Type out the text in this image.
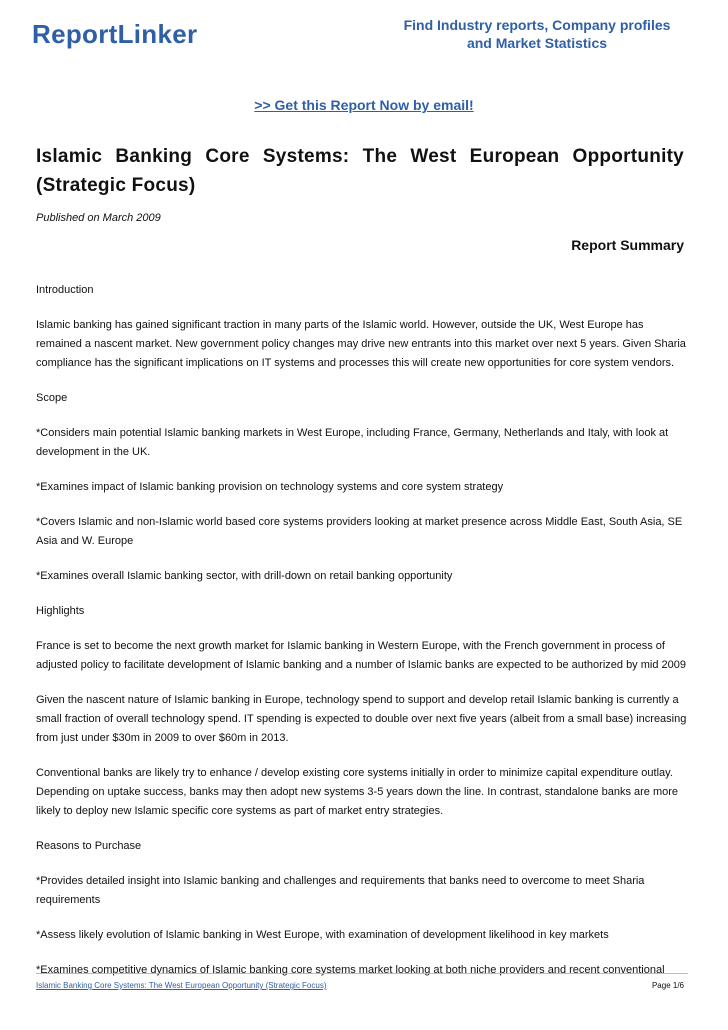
ReportLinker	Find Industry reports, Company profiles
and Market Statistics
>> Get this Report Now by email!
Islamic Banking Core Systems: The West European Opportunity (Strategic Focus)
Published on March 2009
Report Summary

Introduction

Islamic banking has gained significant traction in many parts of the Islamic world. However, outside the UK, West Europe has remained a nascent market. New government policy changes may drive new entrants into this market over next 5 years. Given Sharia compliance has the significant implications on IT systems and processes this will create new opportunities for core system vendors.

Scope

*Considers main potential Islamic banking markets in West Europe, including France, Germany, Netherlands and Italy, with look at development in the UK.

*Examines impact of Islamic banking provision on technology systems and core system strategy

*Covers Islamic and non-Islamic world based core systems providers looking at market presence across Middle East, South Asia, SE Asia and W. Europe

*Examines overall Islamic banking sector, with drill-down on retail banking opportunity

Highlights

France is set to become the next growth market for Islamic banking in Western Europe, with the French government in process of adjusted policy to facilitate development of Islamic banking and a number of Islamic banks are expected to be authorized by mid 2009

Given the nascent nature of Islamic banking in Europe, technology spend to support and develop retail Islamic banking is currently a small fraction of overall technology spend. IT spending is expected to double over next five years (albeit from a small base) increasing from just under $30m in 2009 to over $60m in 2013.

Conventional banks are likely try to enhance / develop existing core systems initially in order to minimize capital expenditure outlay. Depending on uptake success, banks may then adopt new systems 3-5 years down the line. In contrast, standalone banks are more likely to deploy new Islamic specific core systems as part of market entry strategies.

Reasons to Purchase

*Provides detailed insight into Islamic banking and challenges and requirements that banks need to overcome to meet Sharia requirements

*Assess likely evolution of Islamic banking in West Europe, with examination of development likelihood in key markets

*Examines competitive dynamics of Islamic banking core systems market looking at both niche providers and recent conventional

Islamic Banking Core Systems: The West European Opportunity (Strategic Focus)	Page 1/6
